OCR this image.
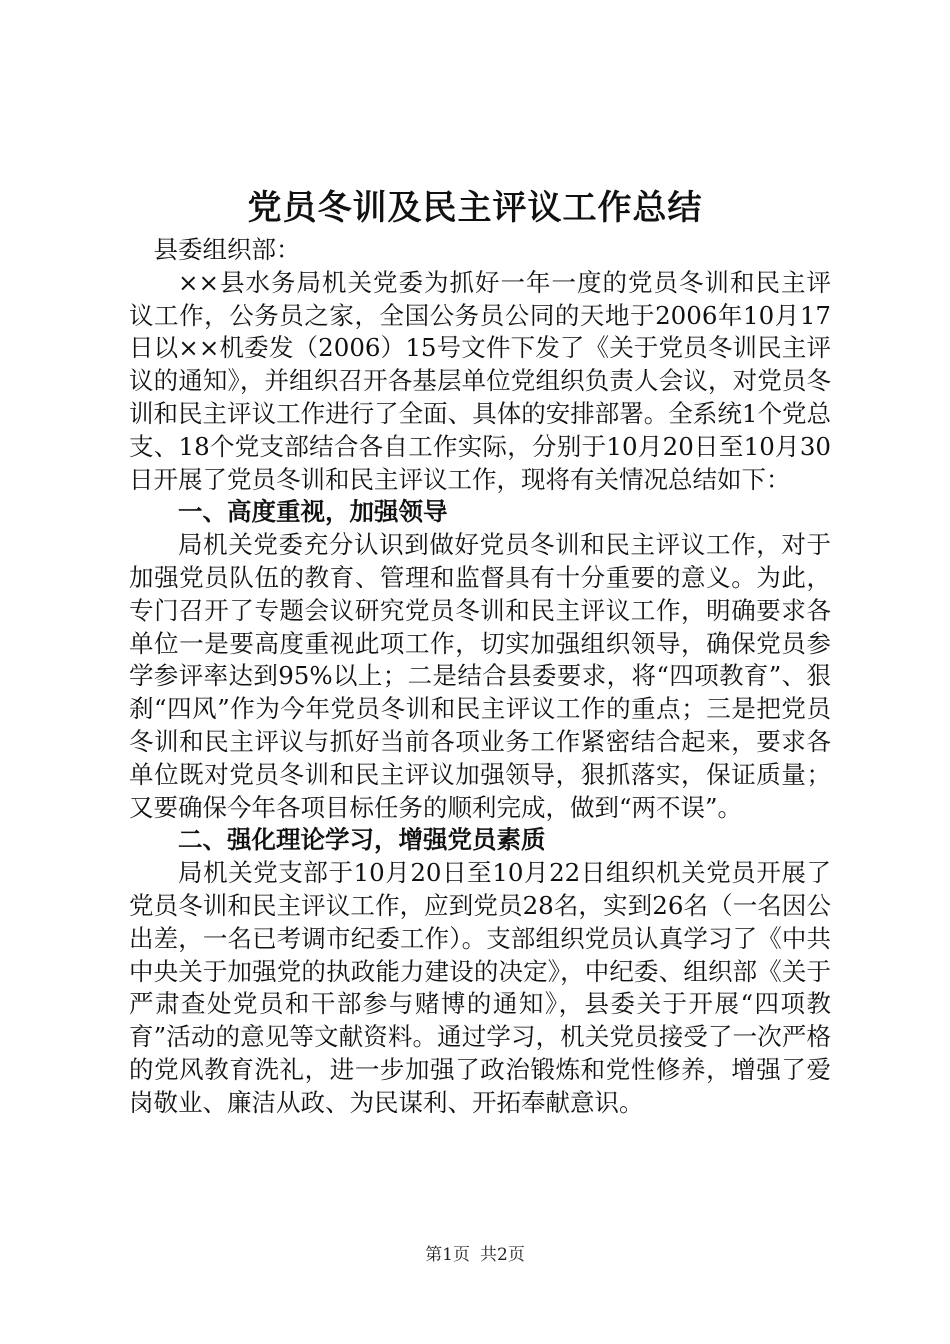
党员冬训及民主评议工作总结

县委组织部：

××县水务局机关党委为抓好一年一度的党员冬训和民主评议工作，公务员之家，全国公务员公同的天地于2006年10月17日以××机委发（2006）15号文件下发了《关于党员冬训民主评议的通知》，并组织召开各基层单位党组织负责人会议，对党员冬训和民主评议工作进行了全面、具体的安排部署。全系统1个党总支、18个党支部结合各自工作实际，分别于10月20日至10月30日开展了党员冬训和民主评议工作，现将有关情况总结如下：

一、高度重视，加强领导

局机关党委充分认识到做好党员冬训和民主评议工作，对于加强党员队伍的教育、管理和监督具有十分重要的意义。为此，专门召开了专题会议研究党员冬训和民主评议工作，明确要求各单位一是要高度重视此项工作，切实加强组织领导，确保党员参学参评率达到95%以上；二是结合县委要求，将“四项教育”、狠刹“四风”作为今年党员冬训和民主评议工作的重点；三是把党员冬训和民主评议与抓好当前各项业务工作紧密结合起来，要求各单位既对党员冬训和民主评议加强领导，狠抓落实，保证质量；又要确保今年各项目标任务的顺利完成，做到“两不误”。

二、强化理论学习，增强党员素质

局机关党支部于10月20日至10月22日组织机关党员开展了党员冬训和民主评议工作，应到党员28名，实到26名（一名因公出差，一名已考调市纪委工作）。支部组织党员认真学习了《中共中央关于加强党的执政能力建设的决定》，中纪委、组织部《关于严肃查处党员和干部参与赌博的通知》，县委关于开展“四项教育”活动的意见等文献资料。通过学习，机关党员接受了一次严格的党风教育洗礼，进一步加强了政治锻炼和党性修养，增强了爱岗敬业、廉洁从政、为民谋利、开拓奉献意识。

第1页 共2页
